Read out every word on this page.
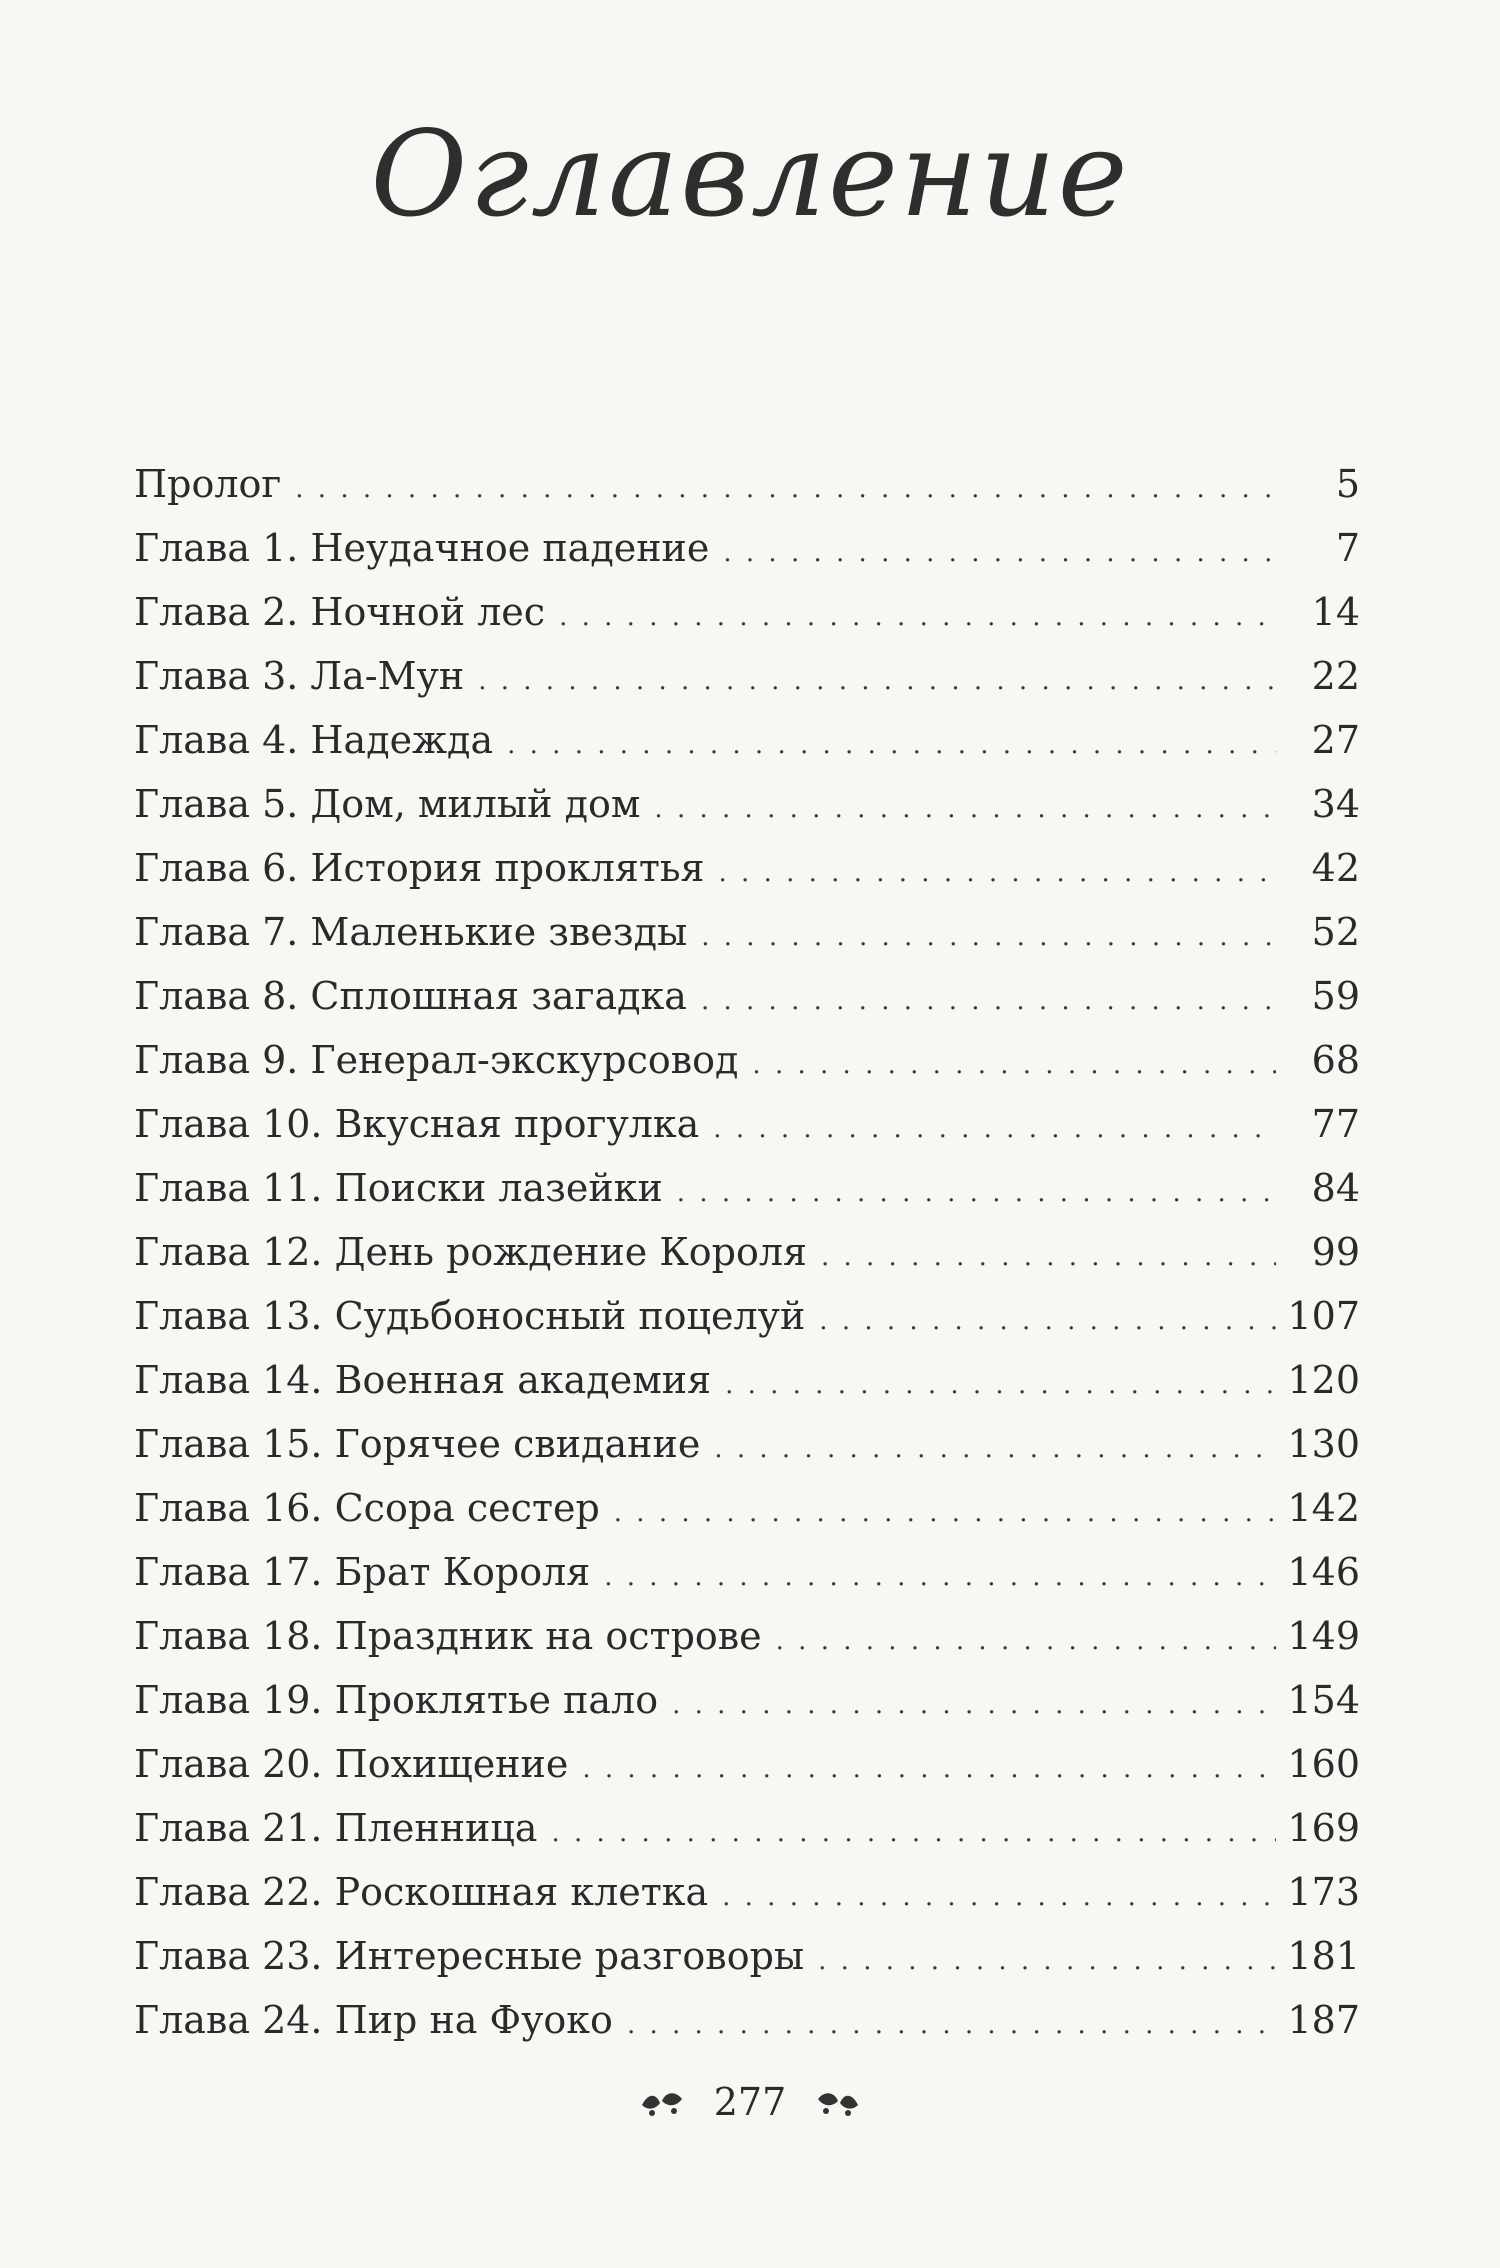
Оглавление
Пролог . . .	5
Глава 1. Неудачное падение . . .	7
Глава 2. Ночной лес . . .	14
Глава 3. Ла-Мун . . .	22
Глава 4. Надежда . . .	27
Глава 5. Дом, милый дом . . .	34
Глава 6. История проклятья . . .	42
Глава 7. Маленькие звезды . . .	52
Глава 8. Сплошная загадка . . .	59
Глава 9. Генерал-экскурсовод . . .	68
Глава 10. Вкусная прогулка . . .	77
Глава 11. Поиски лазейки . . .	84
Глава 12. День рождение Короля . . .	99
Глава 13. Судьбоносный поцелуй . . .	107
Глава 14. Военная академия . . .	120
Глава 15. Горячее свидание . . .	130
Глава 16. Ссора сестер . . .	142
Глава 17. Брат Короля . . .	146
Глава 18. Праздник на острове . . .	149
Глава 19. Проклятье пало . . .	154
Глава 20. Похищение . . .	160
Глава 21. Пленница . . .	169
Глава 22. Роскошная клетка . . .	173
Глава 23. Интересные разговоры . . .	181
Глава 24. Пир на Фуоко . . .	187
277
